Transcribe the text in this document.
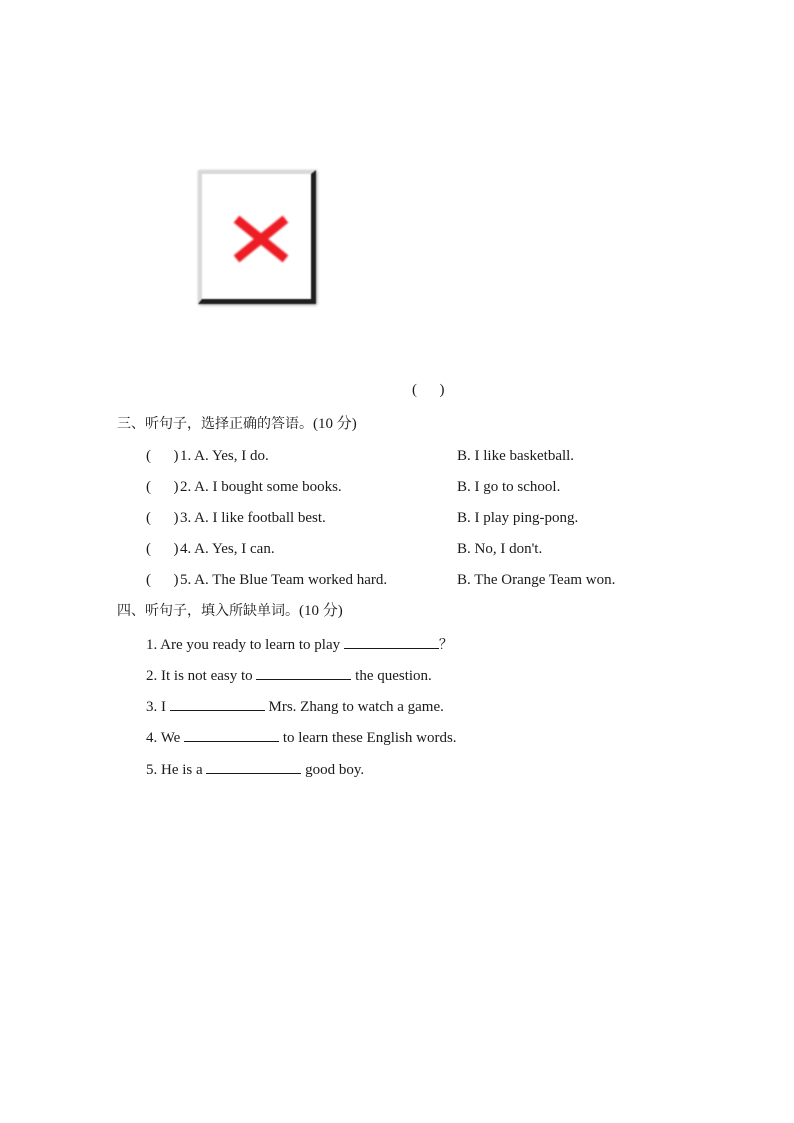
(      )
三、听句子，选择正确的答语。(10 分)
(      ) 1. A. Yes, I do.	B. I like basketball.
(      ) 2. A. I bought some books.	B. I go to school.
(      ) 3. A. I like football best.	B. I play ping-pong.
(      ) 4. A. Yes, I can.	B. No, I don't.
(      ) 5. A. The Blue Team worked hard.	B. The Orange Team won.
四、听句子，填入所缺单词。(10 分)
1. Are you ready to learn to play	？
2. It is not easy to	the question.
3. I	Mrs. Zhang to watch a game.
4. We	to learn these English words.
5. He is a	good boy.
